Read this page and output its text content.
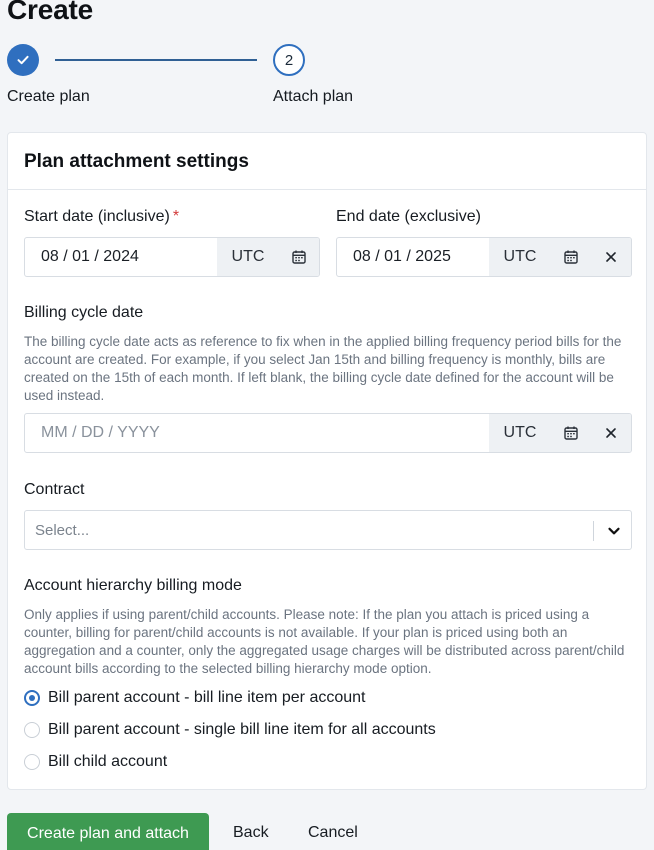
Create
2
Create plan	Attach plan
Plan attachment settings
Start date (inclusive) *
08 / 01 / 2024	UTC
End date (exclusive)
08 / 01 / 2025	UTC
Billing cycle date
The billing cycle date acts as reference to fix when in the applied billing frequency period bills for the account are created. For example, if you select Jan 15th and billing frequency is monthly, bills are created on the 15th of each month. If left blank, the billing cycle date defined for the account will be used instead.
MM / DD / YYYY	UTC
Contract
Select...
Account hierarchy billing mode
Only applies if using parent/child accounts. Please note: If the plan you attach is priced using a counter, billing for parent/child accounts is not available. If your plan is priced using both an aggregation and a counter, only the aggregated usage charges will be distributed across parent/child account bills according to the selected billing hierarchy mode option.
Bill parent account - bill line item per account
Bill parent account - single bill line item for all accounts
Bill child account
Create plan and attach	Back Cancel
